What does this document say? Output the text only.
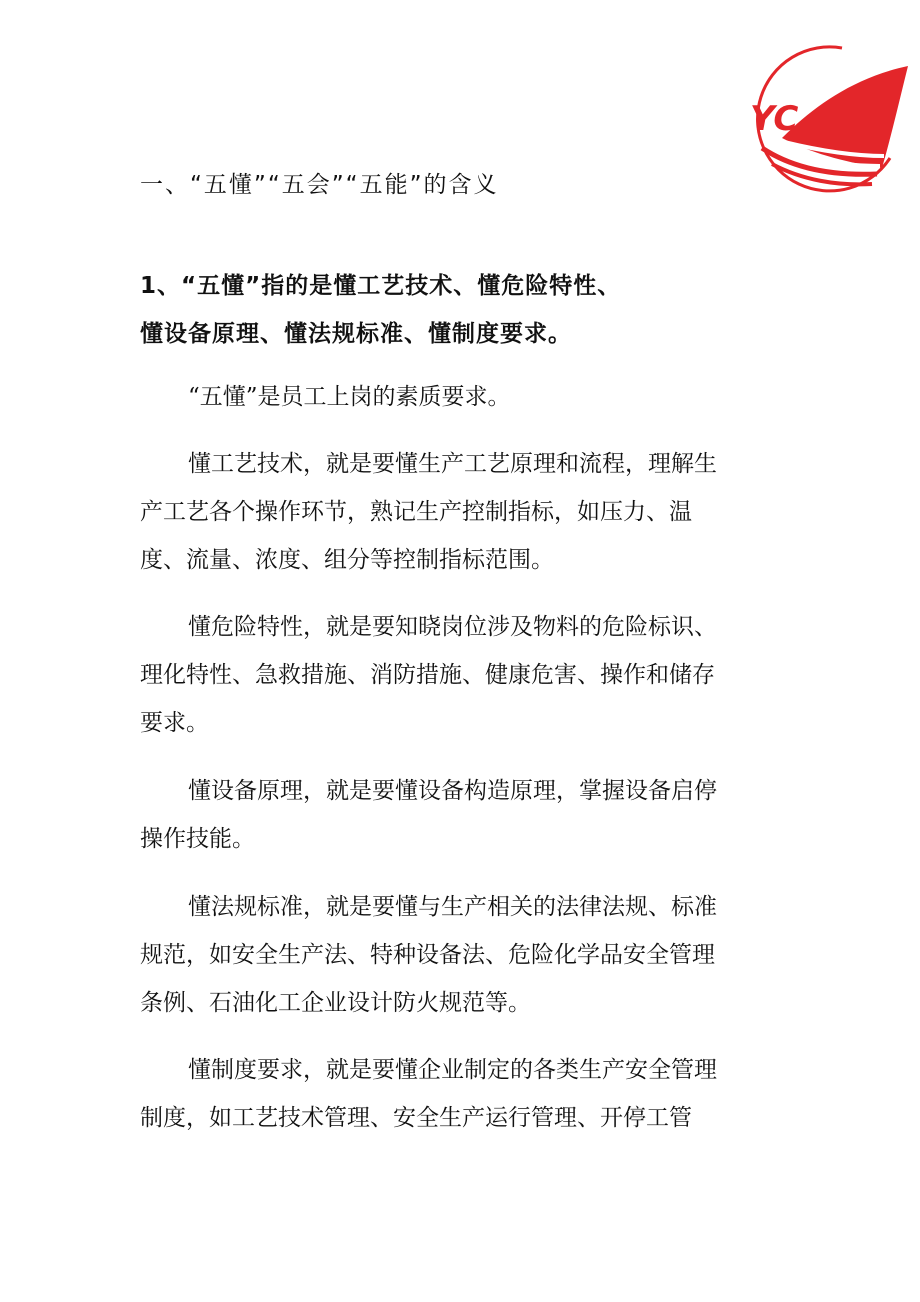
YC
一、“五懂”“五会”“五能”的含义
1、“五懂”指的是懂工艺技术、懂危险特性、
懂设备原理、懂法规标准、懂制度要求。
“五懂”是员工上岗的素质要求。
懂工艺技术，就是要懂生产工艺原理和流程，理解生
产工艺各个操作环节，熟记生产控制指标，如压力、温
度、流量、浓度、组分等控制指标范围。
懂危险特性，就是要知晓岗位涉及物料的危险标识、
理化特性、急救措施、消防措施、健康危害、操作和储存
要求。
懂设备原理，就是要懂设备构造原理，掌握设备启停
操作技能。
懂法规标准，就是要懂与生产相关的法律法规、标准
规范，如安全生产法、特种设备法、危险化学品安全管理
条例、石油化工企业设计防火规范等。
懂制度要求，就是要懂企业制定的各类生产安全管理
制度，如工艺技术管理、安全生产运行管理、开停工管
